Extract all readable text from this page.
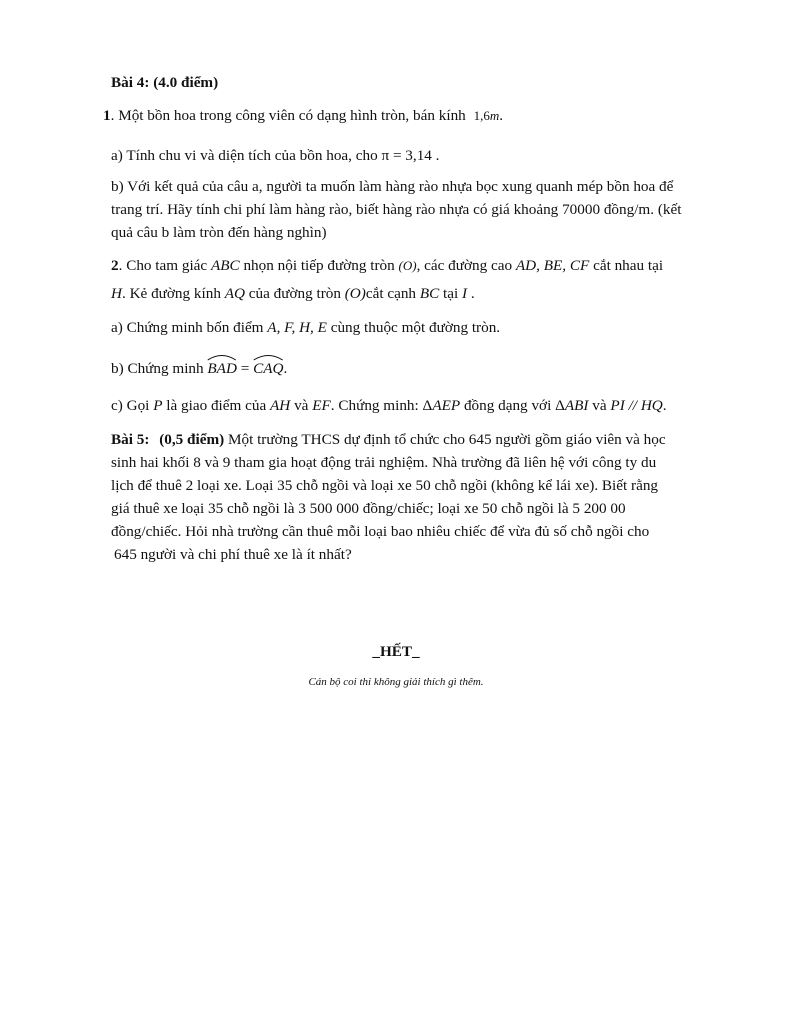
Bài 4: (4.0 điểm)
1. Một bồn hoa trong công viên có dạng hình tròn, bán kính 1,6m.
a) Tính chu vi và diện tích của bồn hoa, cho π = 3,14 .
b) Với kết quả của câu a, người ta muốn làm hàng rào nhựa bọc xung quanh mép bồn hoa để
trang trí. Hãy tính chi phí làm hàng rào, biết hàng rào nhựa có giá khoảng 70000 đồng/m. (kết
quả câu b làm tròn đến hàng nghìn)
2. Cho tam giác ABC nhọn nội tiếp đường tròn (O), các đường cao AD, BE, CF cắt nhau tại
H. Kẻ đường kính AQ của đường tròn (O)cắt cạnh BC tại I .
a) Chứng minh bốn điểm A, F, H, E cùng thuộc một đường tròn.
b) Chứng minh BAD = CAQ.
c) Gọi P là giao điểm của AH và EF. Chứng minh: ΔAEP đồng dạng với ΔABI và PI // HQ.
Bài 5: (0,5 điểm) Một trường THCS dự định tổ chức cho 645 người gồm giáo viên và học
sinh hai khối 8 và 9 tham gia hoạt động trải nghiệm. Nhà trường đã liên hệ với công ty du
lịch để thuê 2 loại xe. Loại 35 chỗ ngồi và loại xe 50 chỗ ngồi (không kể lái xe). Biết rằng
giá thuê xe loại 35 chỗ ngồi là 3 500 000 đồng/chiếc; loại xe 50 chỗ ngồi là 5 200 00
đồng/chiếc. Hỏi nhà trường cần thuê mỗi loại bao nhiêu chiếc để vừa đủ số chỗ ngồi cho
645 người và chi phí thuê xe là ít nhất?
_HẾT_
Cán bộ coi thi không giải thích gì thêm.
